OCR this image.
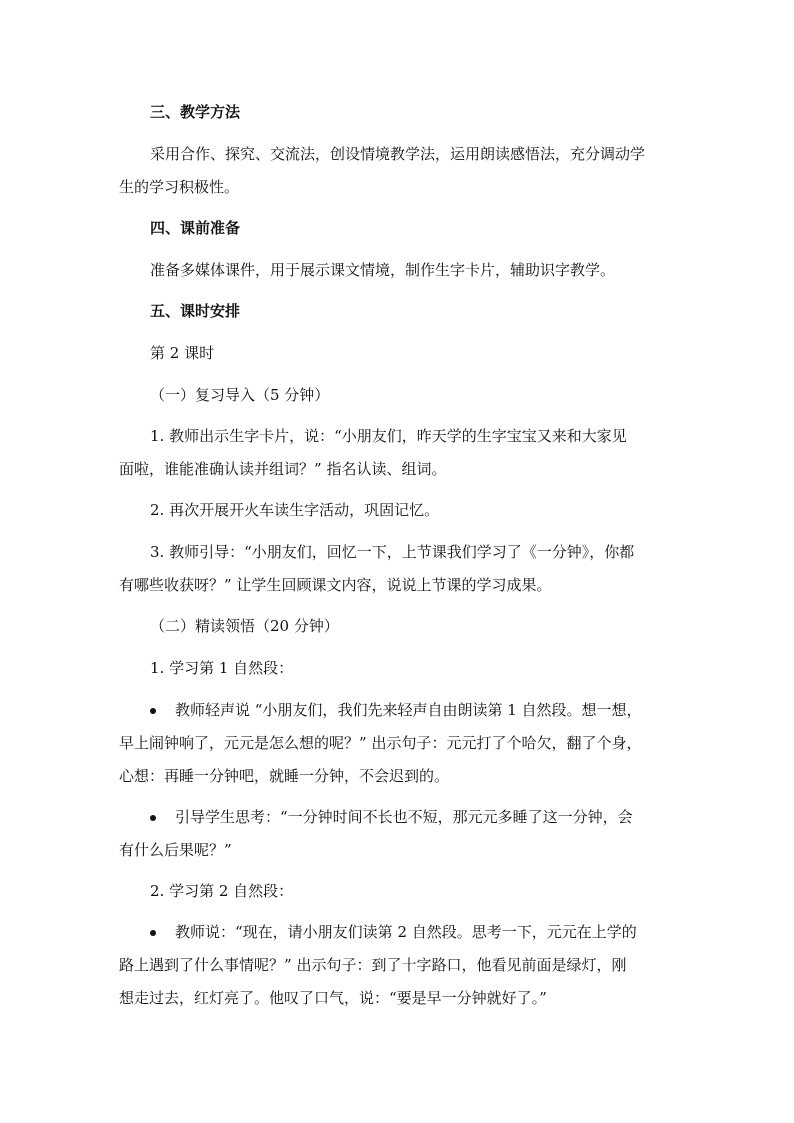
三、教学方法
采用合作、探究、交流法，创设情境教学法，运用朗读感悟法，充分调动学
生的学习积极性。
四、课前准备
准备多媒体课件，用于展示课文情境，制作生字卡片，辅助识字教学。
五、课时安排
第 2 课时
（一）复习导入（5 分钟）
1. 教师出示生字卡片，说：“小朋友们，昨天学的生字宝宝又来和大家见
面啦，谁能准确认读并组词？” 指名认读、组词。
2. 再次开展开火车读生字活动，巩固记忆。
3. 教师引导：“小朋友们，回忆一下，上节课我们学习了《一分钟》，你都
有哪些收获呀？” 让学生回顾课文内容，说说上节课的学习成果。
（二）精读领悟（20 分钟）
1. 学习第 1 自然段：
教师轻声说 “小朋友们，我们先来轻声自由朗读第 1 自然段。想一想，
早上闹钟响了，元元是怎么想的呢？” 出示句子：元元打了个哈欠，翻了个身，
心想：再睡一分钟吧，就睡一分钟，不会迟到的。
引导学生思考：“一分钟时间不长也不短，那元元多睡了这一分钟，会
有什么后果呢？”
2. 学习第 2 自然段：
教师说：“现在，请小朋友们读第 2 自然段。思考一下，元元在上学的
路上遇到了什么事情呢？” 出示句子：到了十字路口，他看见前面是绿灯，刚
想走过去，红灯亮了。他叹了口气，说：“要是早一分钟就好了。”
